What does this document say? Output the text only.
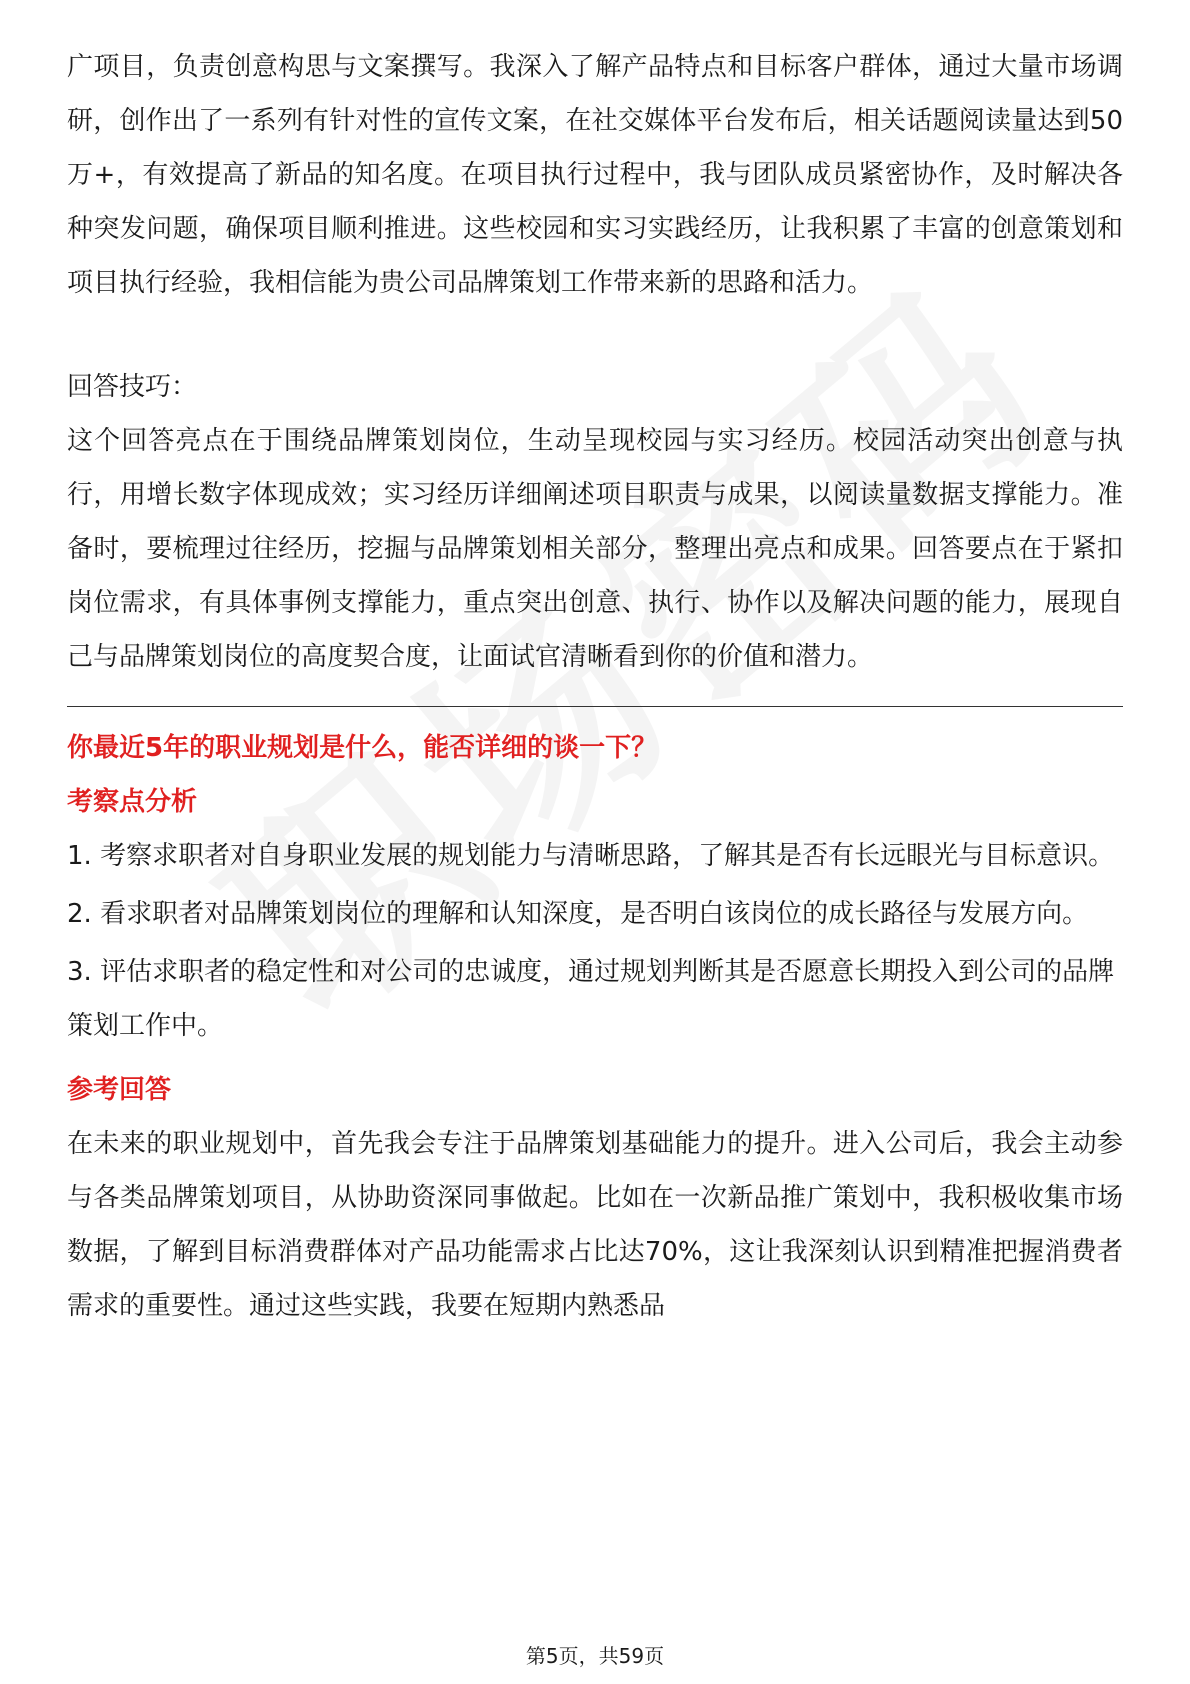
广项目，负责创意构思与文案撰写。我深入了解产品特点和目标客户群体，通过大量市场调研，创作出了一系列有针对性的宣传文案，在社交媒体平台发布后，相关话题阅读量达到50万+，有效提高了新品的知名度。在项目执行过程中，我与团队成员紧密协作，及时解决各种突发问题，确保项目顺利推进。这些校园和实习实践经历，让我积累了丰富的创意策划和项目执行经验，我相信能为贵公司品牌策划工作带来新的思路和活力。

回答技巧：

这个回答亮点在于围绕品牌策划岗位，生动呈现校园与实习经历。校园活动突出创意与执行，用增长数字体现成效；实习经历详细阐述项目职责与成果，以阅读量数据支撑能力。准备时，要梳理过往经历，挖掘与品牌策划相关部分，整理出亮点和成果。回答要点在于紧扣岗位需求，有具体事例支撑能力，重点突出创意、执行、协作以及解决问题的能力，展现自己与品牌策划岗位的高度契合度，让面试官清晰看到你的价值和潜力。

你最近5年的职业规划是什么，能否详细的谈一下？

考察点分析

1. 考察求职者对自身职业发展的规划能力与清晰思路，了解其是否有长远眼光与目标意识。

2. 看求职者对品牌策划岗位的理解和认知深度，是否明白该岗位的成长路径与发展方向。

3. 评估求职者的稳定性和对公司的忠诚度，通过规划判断其是否愿意长期投入到公司的品牌策划工作中。

参考回答

在未来的职业规划中，首先我会专注于品牌策划基础能力的提升。进入公司后，我会主动参与各类品牌策划项目，从协助资深同事做起。比如在一次新品推广策划中，我积极收集市场数据，了解到目标消费群体对产品功能需求占比达70%，这让我深刻认识到精准把握消费者需求的重要性。通过这些实践，我要在短期内熟悉品

第5页，共59页
